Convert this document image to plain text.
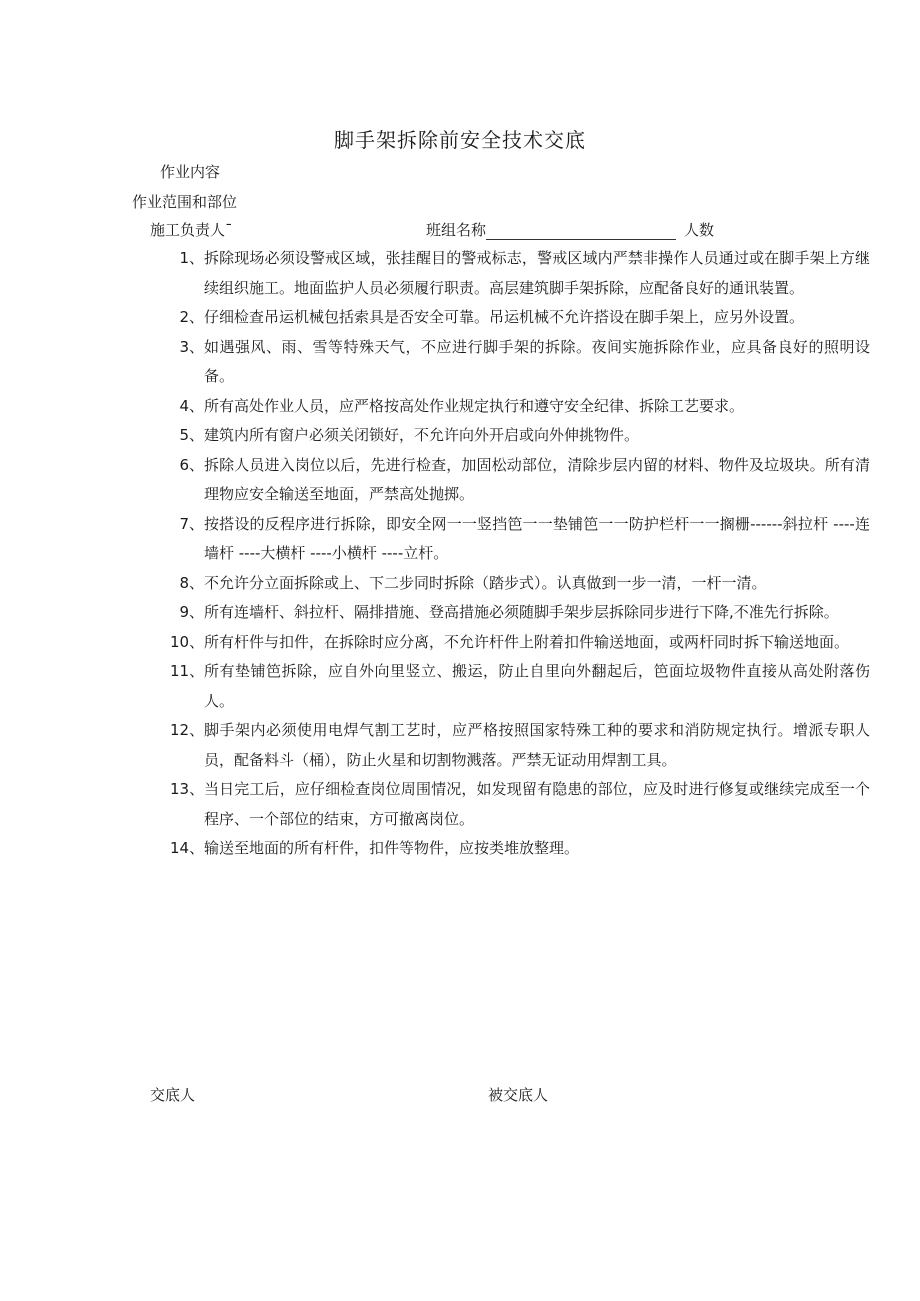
脚手架拆除前安全技术交底
作业内容
作业范围和部位
施工负责人¯	班组名称	人数
1、 拆除现场必须设警戒区域，张挂醒目的警戒标志，警戒区域内严禁非操作人员通过或在脚手架上方继续组织施工。地面监护人员必须履行职责。高层建筑脚手架拆除，应配备良好的通讯装置。
2、 仔细检查吊运机械包括索具是否安全可靠。吊运机械不允许搭设在脚手架上，应另外设置。
3、 如遇强风、雨、雪等特殊天气，不应进行脚手架的拆除。夜间实施拆除作业，应具备良好的照明设备。
4、 所有高处作业人员，应严格按高处作业规定执行和遵守安全纪律、拆除工艺要求。
5、 建筑内所有窗户必须关闭锁好，不允许向外开启或向外伸挑物件。
6、 拆除人员进入岗位以后，先进行检查，加固松动部位，清除步层内留的材料、物件及垃圾块。所有清理物应安全输送至地面，严禁高处抛掷。
7、 按搭设的反程序进行拆除，即安全网一一竖挡笆一一垫铺笆一一防护栏杆一一搁栅------斜拉杆 ----连墙杆 ----大横杆 ----小横杆 ----立杆。
8、 不允许分立面拆除或上、下二步同时拆除（踏步式）。认真做到一步一清，一杆一清。
9、 所有连墙杆、斜拉杆、隔排措施、登高措施必须随脚手架步层拆除同步进行下降,不准先行拆除。
10、 所有杆件与扣件，在拆除时应分离，不允许杆件上附着扣件输送地面，或两杆同时拆下输送地面。
11、 所有垫铺笆拆除，应自外向里竖立、搬运，防止自里向外翻起后，笆面垃圾物件直接从高处附落伤人。
12、 脚手架内必须使用电焊气割工艺时，应严格按照国家特殊工种的要求和消防规定执行。增派专职人员，配备料斗（桶），防止火星和切割物溅落。严禁无证动用焊割工具。
13、 当日完工后，应仔细检查岗位周围情况，如发现留有隐患的部位，应及时进行修复或继续完成至一个程序、一个部位的结束，方可撤离岗位。
14、 输送至地面的所有杆件，扣件等物件，应按类堆放整理。
交底人	被交底人
